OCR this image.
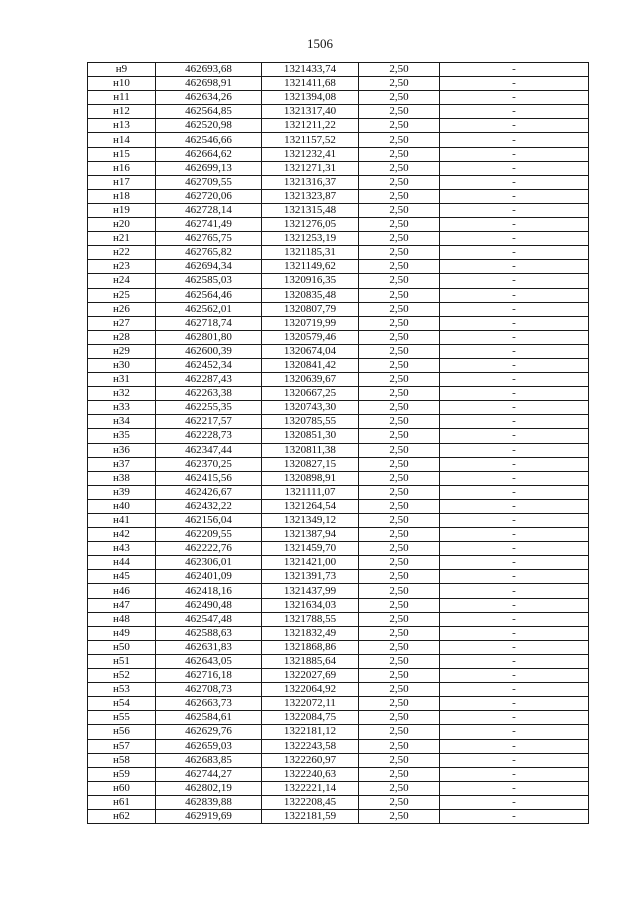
1506
н9	462693,68	1321433,74	2,50	-
н10	462698,91	1321411,68	2,50	-
н11	462634,26	1321394,08	2,50	-
н12	462564,85	1321317,40	2,50	-
н13	462520,98	1321211,22	2,50	-
н14	462546,66	1321157,52	2,50	-
н15	462664,62	1321232,41	2,50	-
н16	462699,13	1321271,31	2,50	-
н17	462709,55	1321316,37	2,50	-
н18	462720,06	1321323,87	2,50	-
н19	462728,14	1321315,48	2,50	-
н20	462741,49	1321276,05	2,50	-
н21	462765,75	1321253,19	2,50	-
н22	462765,82	1321185,31	2,50	-
н23	462694,34	1321149,62	2,50	-
н24	462585,03	1320916,35	2,50	-
н25	462564,46	1320835,48	2,50	-
н26	462562,01	1320807,79	2,50	-
н27	462718,74	1320719,99	2,50	-
н28	462801,80	1320579,46	2,50	-
н29	462600,39	1320674,04	2,50	-
н30	462452,34	1320841,42	2,50	-
н31	462287,43	1320639,67	2,50	-
н32	462263,38	1320667,25	2,50	-
н33	462255,35	1320743,30	2,50	-
н34	462217,57	1320785,55	2,50	-
н35	462228,73	1320851,30	2,50	-
н36	462347,44	1320811,38	2,50	-
н37	462370,25	1320827,15	2,50	-
н38	462415,56	1320898,91	2,50	-
н39	462426,67	1321111,07	2,50	-
н40	462432,22	1321264,54	2,50	-
н41	462156,04	1321349,12	2,50	-
н42	462209,55	1321387,94	2,50	-
н43	462222,76	1321459,70	2,50	-
н44	462306,01	1321421,00	2,50	-
н45	462401,09	1321391,73	2,50	-
н46	462418,16	1321437,99	2,50	-
н47	462490,48	1321634,03	2,50	-
н48	462547,48	1321788,55	2,50	-
н49	462588,63	1321832,49	2,50	-
н50	462631,83	1321868,86	2,50	-
н51	462643,05	1321885,64	2,50	-
н52	462716,18	1322027,69	2,50	-
н53	462708,73	1322064,92	2,50	-
н54	462663,73	1322072,11	2,50	-
н55	462584,61	1322084,75	2,50	-
н56	462629,76	1322181,12	2,50	-
н57	462659,03	1322243,58	2,50	-
н58	462683,85	1322260,97	2,50	-
н59	462744,27	1322240,63	2,50	-
н60	462802,19	1322221,14	2,50	-
н61	462839,88	1322208,45	2,50	-
н62	462919,69	1322181,59	2,50	-
